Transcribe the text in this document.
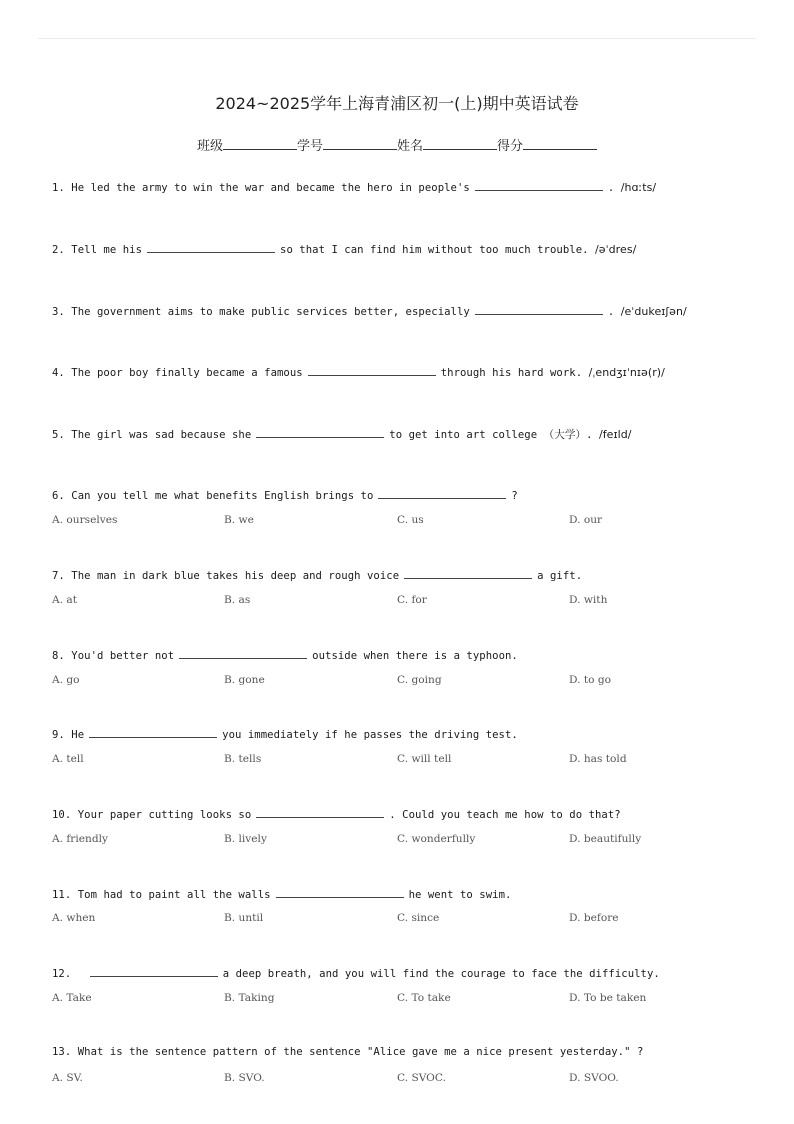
2024~2025学年上海青浦区初一(上)期中英语试卷
班级	学号	姓名	得分
1. He led the army to win the war and became the hero in people's	. /hɑːts/
2. Tell me his	so that I can find him without too much trouble. /əˈdres/
3. The government aims to make public services better, especially	. /eˈdukeɪʃən/
4. The poor boy finally became a famous	through his hard work. /ˌendʒɪˈnɪə(r)/
5. The girl was sad because she	to get into art college （大学）. /feɪld/
6. Can you tell me what benefits English brings to	?
A. ourselves	B. we	C. us	D. our
7. The man in dark blue takes his deep and rough voice	a gift.
A. at	B. as	C. for	D. with
8. You'd better not	outside when there is a typhoon.
A. go	B. gone	C. going	D. to go
9. He	you immediately if he passes the driving test.
A. tell	B. tells	C. will tell	D. has told
10. Your paper cutting looks so	. Could you teach me how to do that?
A. friendly	B. lively	C. wonderfully	D. beautifully
11. Tom had to paint all the walls	he went to swim.
A. when	B. until	C. since	D. before
12.	a deep breath, and you will find the courage to face the difficulty.
A. Take	B. Taking	C. To take	D. To be taken
13. What is the sentence pattern of the sentence "Alice gave me a nice present yesterday." ?
A. SV.	B. SVO.	C. SVOC.	D. SVOO.
